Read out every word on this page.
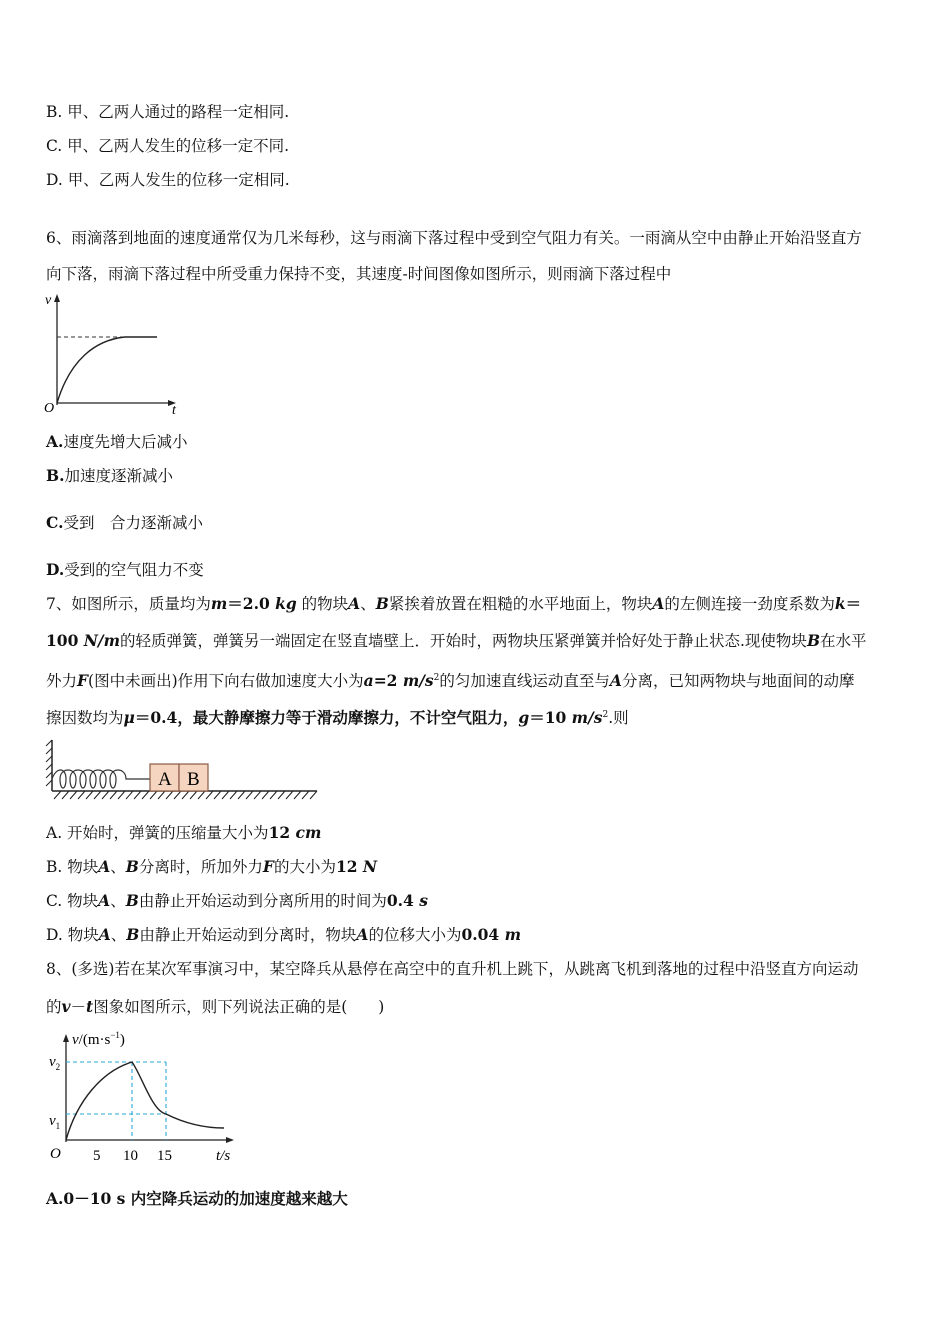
B. 甲、乙两人通过的路程一定相同.
C. 甲、乙两人发生的位移一定不同.
D. 甲、乙两人发生的位移一定相同.
6、雨滴落到地面的速度通常仅为几米每秒，这与雨滴下落过程中受到空气阻力有关。一雨滴从空中由静止开始沿竖直方
向下落，雨滴下落过程中所受重力保持不变，其速度-时间图像如图所示，则雨滴下落过程中
v
O	t
A.速度先增大后减小
B.加速度逐渐减小
C.受到　合力逐渐减小
D.受到的空气阻力不变
7、如图所示，质量均为m＝2.0 kg 的物块A、B紧挨着放置在粗糙的水平地面上，物块A的左侧连接一劲度系数为k＝
100 N/m的轻质弹簧，弹簧另一端固定在竖直墙壁上．开始时，两物块压紧弹簧并恰好处于静止状态.现使物块B在水平
外力F(图中未画出)作用下向右做加速度大小为a=2 $m/s^2$的匀加速直线运动直至与A分离，已知两物块与地面间的动摩
擦因数均为μ＝0.4，最大静摩擦力等于滑动摩擦力，不计空气阻力，g＝10 $m/s^2$.则
A B
A. 开始时，弹簧的压缩量大小为12 cm
B. 物块A、B分离时，所加外力F的大小为12 N
C. 物块A、B由静止开始运动到分离所用的时间为0.4 s
D. 物块A、B由静止开始运动到分离时，物块A的位移大小为0.04 m
8、(多选)若在某次军事演习中，某空降兵从悬停在高空中的直升机上跳下，从跳离飞机到落地的过程中沿竖直方向运动
的v－t图象如图所示，则下列说法正确的是(　　)
$v/(m\cdot s^{-1})$
$v_2$
$v_1$
O 5 10 15	t/s
A.0－10 s 内空降兵运动的加速度越来越大
